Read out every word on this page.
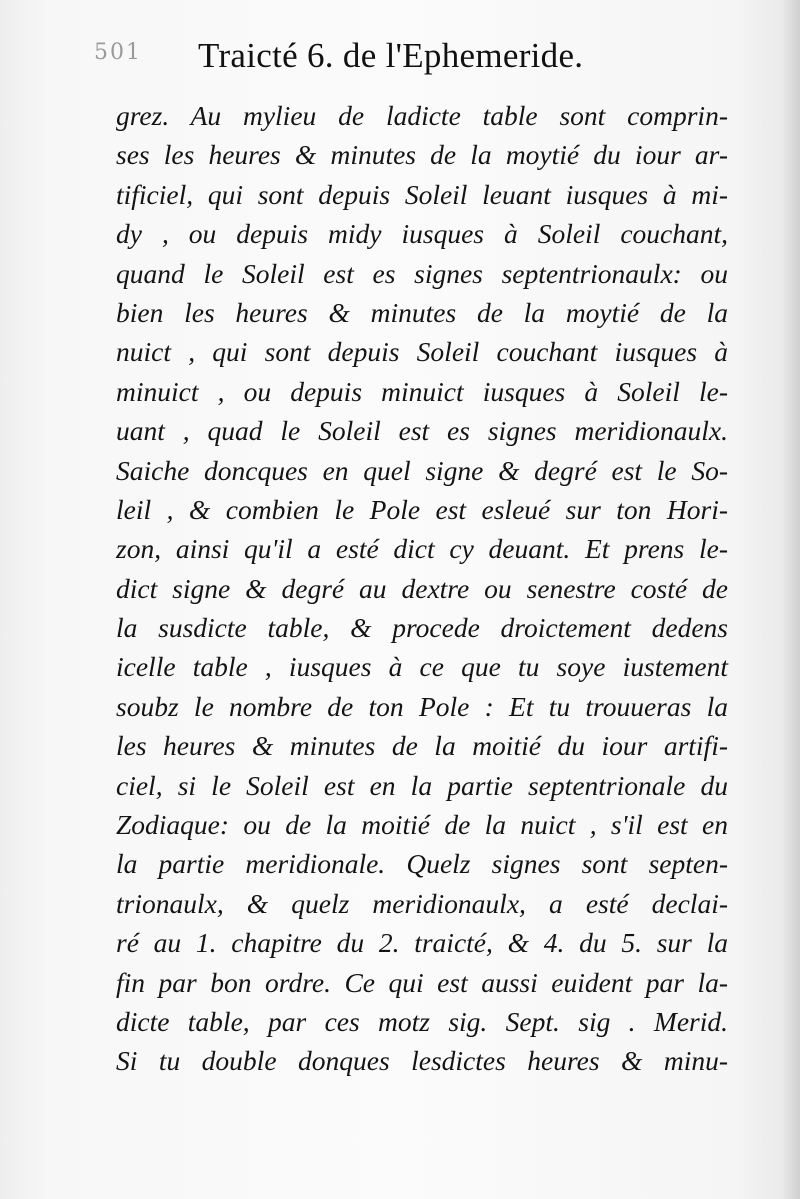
501 Traicté 6. de l'Ephemeride.
grez. Au mylieu de ladicte table sont comprin-
ses les heures & minutes de la moytié du iour ar-
tificiel, qui sont depuis Soleil leuant iusques à mi-
dy , ou depuis midy iusques à Soleil couchant,
quand le Soleil est es signes septentrionaulx: ou
bien les heures & minutes de la moytié de la
nuict , qui sont depuis Soleil couchant iusques à
minuict , ou depuis minuict iusques à Soleil le-
uant , quad le Soleil est es signes meridionaulx.
Saiche doncques en quel signe & degré est le So-
leil , & combien le Pole est esleué sur ton Hori-
zon, ainsi qu'il a esté dict cy deuant. Et prens le-
dict signe & degré au dextre ou senestre costé de
la susdicte table, & procede droictement dedens
icelle table , iusques à ce que tu soye iustement
soubz le nombre de ton Pole : Et tu trouueras la
les heures & minutes de la moitié du iour artifi-
ciel, si le Soleil est en la partie septentrionale du
Zodiaque: ou de la moitié de la nuict , s'il est en
la partie meridionale. Quelz signes sont septen-
trionaulx, & quelz meridionaulx, a esté declai-
ré au 1. chapitre du 2. traicté, & 4. du 5. sur la
fin par bon ordre. Ce qui est aussi euident par la-
dicte table, par ces motz sig. Sept. sig . Merid.
Si tu double donques lesdictes heures & minu-
